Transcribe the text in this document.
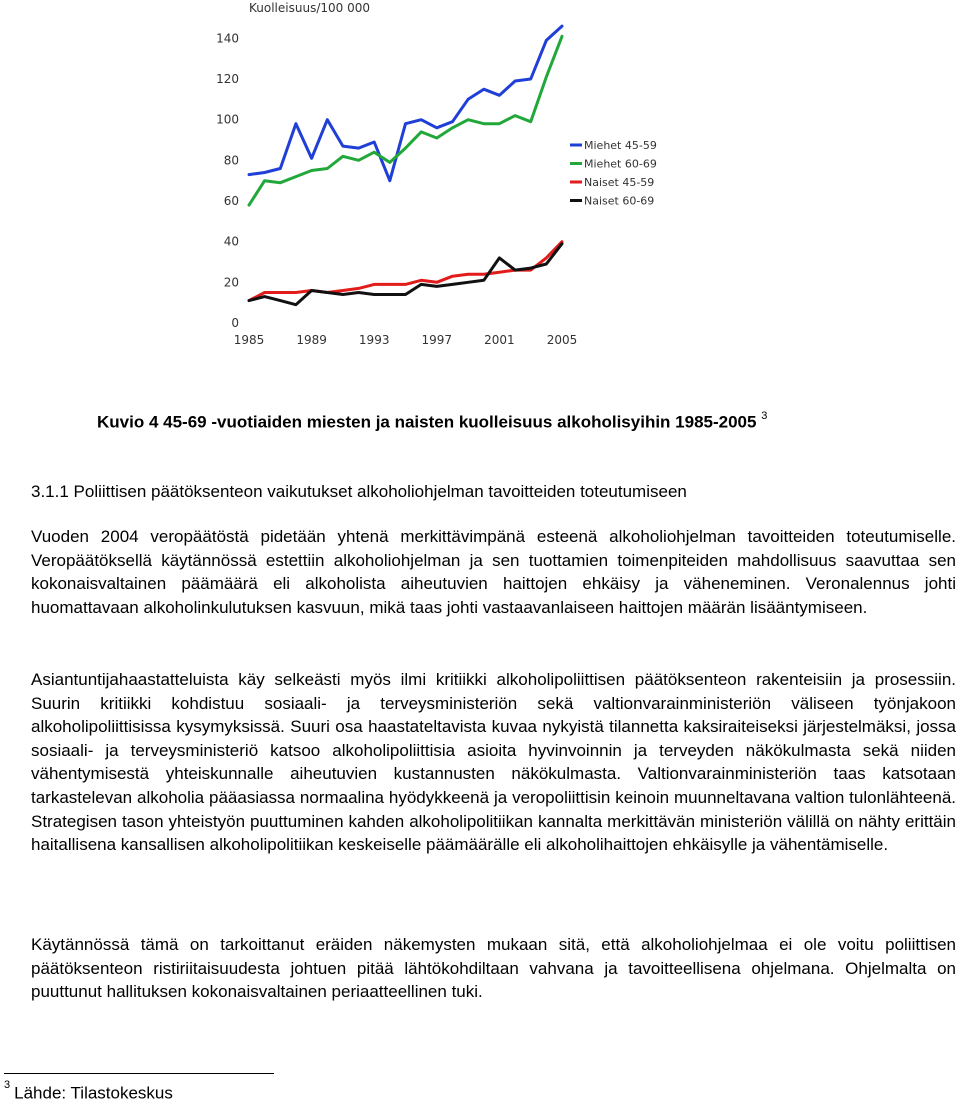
Kuolleisuus/100 000
0
20
40
60
80
100
120
140
1985	1989	1993	1997	2001	2005
Miehet 45-59
Miehet 60-69
Naiset 45-59
Naiset 60-69
Kuvio 4 45-69 -vuotiaiden miesten ja naisten kuolleisuus alkoholisyihin 1985-2005 $^3$
3.1.1 Poliittisen päätöksenteon vaikutukset alkoholiohjelman tavoitteiden toteutumiseen
Vuoden 2004 veropäätöstä pidetään yhtenä merkittävimpänä esteenä alkoholiohjelman tavoitteiden toteutumiselle. Veropäätöksellä käytännössä estettiin alkoholiohjelman ja sen tuottamien toimenpiteiden mahdollisuus saavuttaa sen kokonaisvaltainen päämäärä eli alkoholista aiheutuvien haittojen ehkäisy ja väheneminen. Veronalennus johti huomattavaan alkoholinkulutuksen kasvuun, mikä taas johti vastaavanlaiseen haittojen määrän lisääntymiseen.
Asiantuntijahaastatteluista käy selkeästi myös ilmi kritiikki alkoholipoliittisen päätöksenteon rakenteisiin ja prosessiin. Suurin kritiikki kohdistuu sosiaali- ja terveysministeriön sekä valtionvarainministeriön väliseen työnjakoon alkoholipoliittisissa kysymyksissä. Suuri osa haastateltavista kuvaa nykyistä tilannetta kaksiraiteiseksi järjestelmäksi, jossa sosiaali- ja terveysministeriö katsoo alkoholipoliittisia asioita hyvinvoinnin ja terveyden näkökulmasta sekä niiden vähentymisestä yhteiskunnalle aiheutuvien kustannusten näkökulmasta. Valtionvarainministeriön taas katsotaan tarkastelevan alkoholia pääasiassa normaalina hyödykkeenä ja veropoliittisin keinoin muunneltavana valtion tulonlähteenä. Strategisen tason yhteistyön puuttuminen kahden alkoholipolitiikan kannalta merkittävän ministeriön välillä on nähty erittäin haitallisena kansallisen alkoholipolitiikan keskeiselle päämäärälle eli alkoholihaittojen ehkäisylle ja vähentämiselle.
Käytännössä tämä on tarkoittanut eräiden näkemysten mukaan sitä, että alkoholiohjelmaa ei ole voitu poliittisen päätöksenteon ristiriitaisuudesta johtuen pitää lähtökohdiltaan vahvana ja tavoitteellisena ohjelmana. Ohjelmalta on puuttunut hallituksen kokonaisvaltainen periaatteellinen tuki.
$^3$ Lähde: Tilastokeskus
